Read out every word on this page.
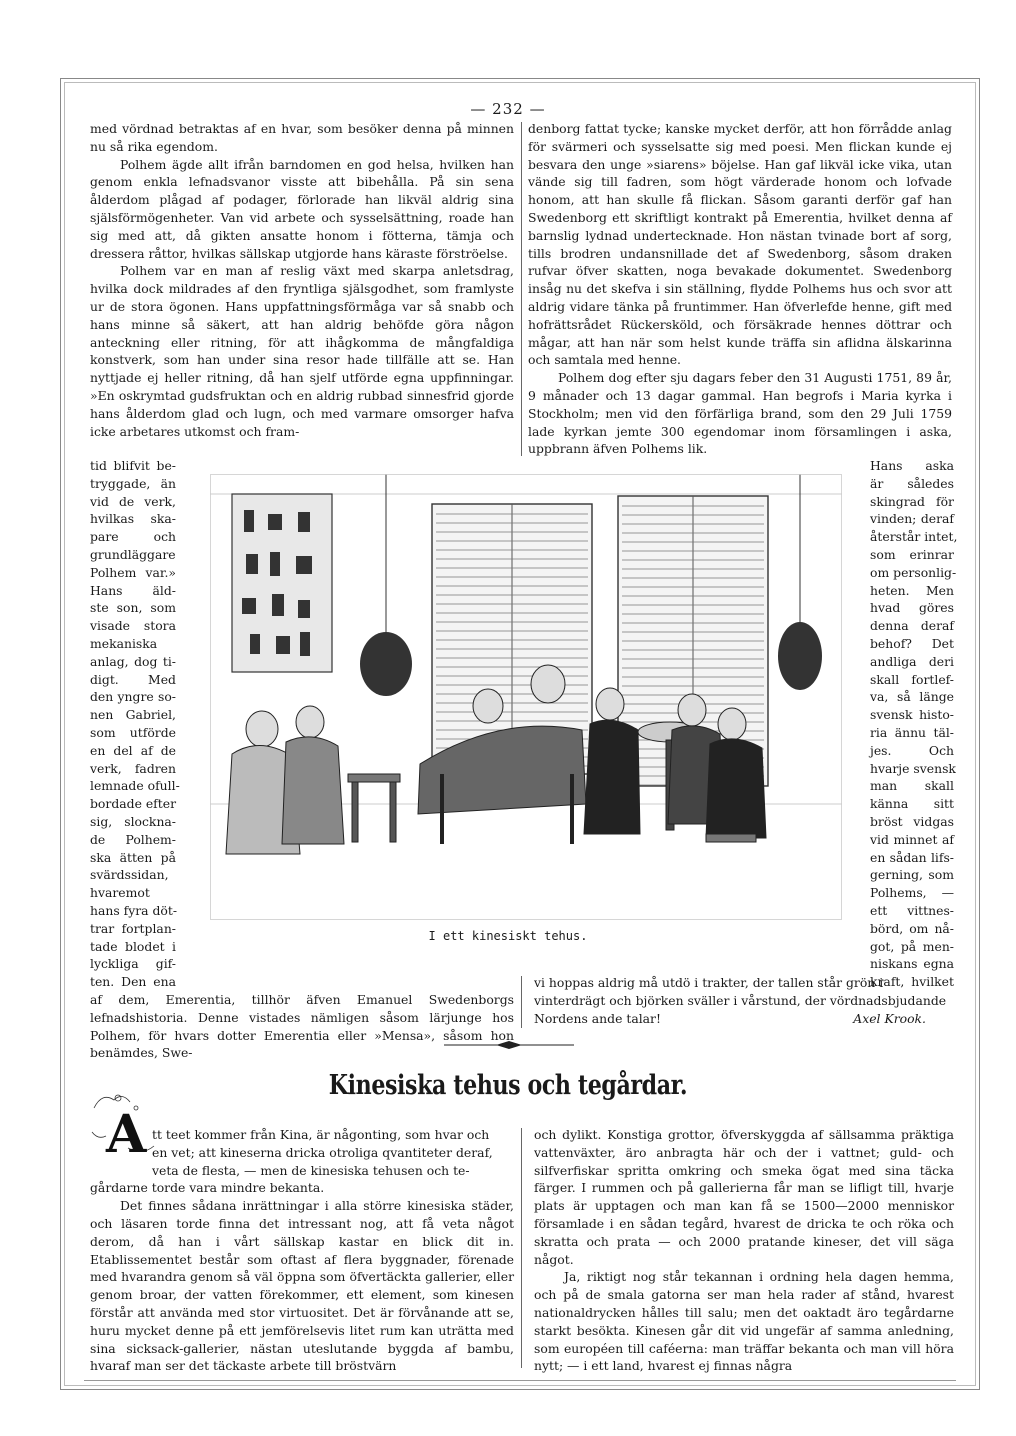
— 232 —

med vördnad betraktas af en hvar, som besöker denna på minnen nu så rika egendom.

Polhem ägde allt ifrån barndomen en god helsa, hvilken han genom enkla lefnadsvanor visste att bibehålla. På sin sena ålderdom plågad af podager, förlorade han likväl aldrig sina själsförmögenheter. Van vid arbete och sysselsättning, roade han sig med att, då gikten ansatte honom i fötterna, tämja och dressera råttor, hvilkas sällskap utgjorde hans käraste förströelse.

Polhem var en man af reslig växt med skarpa anletsdrag, hvilka dock mildrades af den fryntliga själsgodhet, som framlyste ur de stora ögonen. Hans uppfattningsförmåga var så snabb och hans minne så säkert, att han aldrig behöfde göra någon anteckning eller ritning, för att ihågkomma de mångfaldiga konstverk, som han under sina resor hade tillfälle att se. Han nyttjade ej heller ritning, då han sjelf utförde egna uppfinningar. »En oskrymtad gudsfruktan och en aldrig rubbad sinnesfrid gjorde hans ålderdom glad och lugn, och med varmare omsorger hafva icke arbetares utkomst och fram-

denborg fattat tycke; kanske mycket derför, att hon förrådde anlag för svärmeri och sysselsatte sig med poesi. Men flickan kunde ej besvara den unge »siarens» böjelse. Han gaf likväl icke vika, utan vände sig till fadren, som högt värderade honom och lofvade honom, att han skulle få flickan. Såsom garanti derför gaf han Swedenborg ett skriftligt kontrakt på Emerentia, hvilket denna af barnslig lydnad undertecknade. Hon nästan tvinade bort af sorg, tills brodren undansnillade det af Swedenborg, såsom draken rufvar öfver skatten, noga bevakade dokumentet. Swedenborg insåg nu det skefva i sin ställning, flydde Polhems hus och svor att aldrig vidare tänka på fruntimmer. Han öfverlefde henne, gift med hofrättsrådet Rückersköld, och försäkrade hennes döttrar och mågar, att han när som helst kunde träffa sin aflidna älskarinna och samtala med henne.

Polhem dog efter sju dagars feber den 31 Augusti 1751, 89 år, 9 månader och 13 dagar gammal. Han begrofs i Maria kyrka i Stockholm; men vid den förfärliga brand, som den 29 Juli 1759 lade kyrkan jemte 300 egendomar inom församlingen i aska, uppbrann äfven Polhems lik.

tid blifvit be-
tryggade, än
vid de verk,
hvilkas ska-
pare och
grundläggare
Polhem var.»
Hans äld-
ste son, som
visade stora
mekaniska
anlag, dog ti-
digt. Med
den yngre so-
nen Gabriel,
som utförde
en del af de
verk, fadren
lemnade ofull-
bordade efter
sig, slockna-
de Polhem-
ska ätten på
svärdssidan,
hvaremot
hans fyra döt-
trar fortplan-
tade blodet i
lyckliga gif-
ten. Den ena
Hans aska
är således
skingrad för
vinden; deraf
återstår intet,
som erinrar
om personlig-
heten. Men
hvad göres
denna deraf
behof? Det
andliga deri
skall fortlef-
va, så länge
svensk histo-
ria ännu täl-
jes. Och
hvarje svensk
man skall
känna sitt
bröst vidgas
vid minnet af
en sådan lifs-
gerning, som
Polhems, —
ett vittnes-
börd, om nå-
got, på men-
niskans egna
kraft, hvilket
I ett kinesiskt tehus.

af dem, Emerentia, tillhör äfven Emanuel Swedenborgs lefnadshistoria. Denne vistades nämligen såsom lärjunge hos Polhem, för hvars dotter Emerentia eller »Mensa», såsom hon benämdes, Swe-

vi hoppas aldrig må utdö i trakter, der tallen står grön i vinterdrägt och björken sväller i vårstund, der vördnadsbjudande Nordens ande talar!	Axel Krook.

Kinesiska tehus och tegårdar.
A tt teet kommer från Kina, är någonting, som hvar och
en vet; att kineserna dricka otroliga qvantiteter deraf,
veta de flesta, — men de kinesiska tehusen och te-

gårdarne torde vara mindre bekanta.

Det finnes sådana inrättningar i alla större kinesiska städer, och läsaren torde finna det intressant nog, att få veta något derom, då han i vårt sällskap kastar en blick dit in. Etablissementet består som oftast af flera byggnader, förenade med hvarandra genom så väl öppna som öfvertäckta gallerier, eller genom broar, der vatten förekommer, ett element, som kinesen förstår att använda med stor virtuositet. Det är förvånande att se, huru mycket denne på ett jemförelsevis litet rum kan uträtta med sina sicksack-gallerier, nästan uteslutande byggda af bambu, hvaraf man ser det täckaste arbete till bröstvärn

och dylikt. Konstiga grottor, öfverskyggda af sällsamma präktiga vattenväxter, äro anbragta här och der i vattnet; guld- och silfverfiskar spritta omkring och smeka ögat med sina täcka färger. I rummen och på gallerierna får man se lifligt till, hvarje plats är upptagen och man kan få se 1500—2000 menniskor församlade i en sådan tegård, hvarest de dricka te och röka och skratta och prata — och 2000 pratande kineser, det vill säga något.

Ja, riktigt nog står tekannan i ordning hela dagen hemma, och på de smala gatorna ser man hela rader af stånd, hvarest nationaldrycken hålles till salu; men det oaktadt äro tegårdarne starkt besökta. Kinesen går dit vid ungefär af samma anledning, som européen till caféerna: man träffar bekanta och man vill höra nytt; — i ett land, hvarest ej finnas några
